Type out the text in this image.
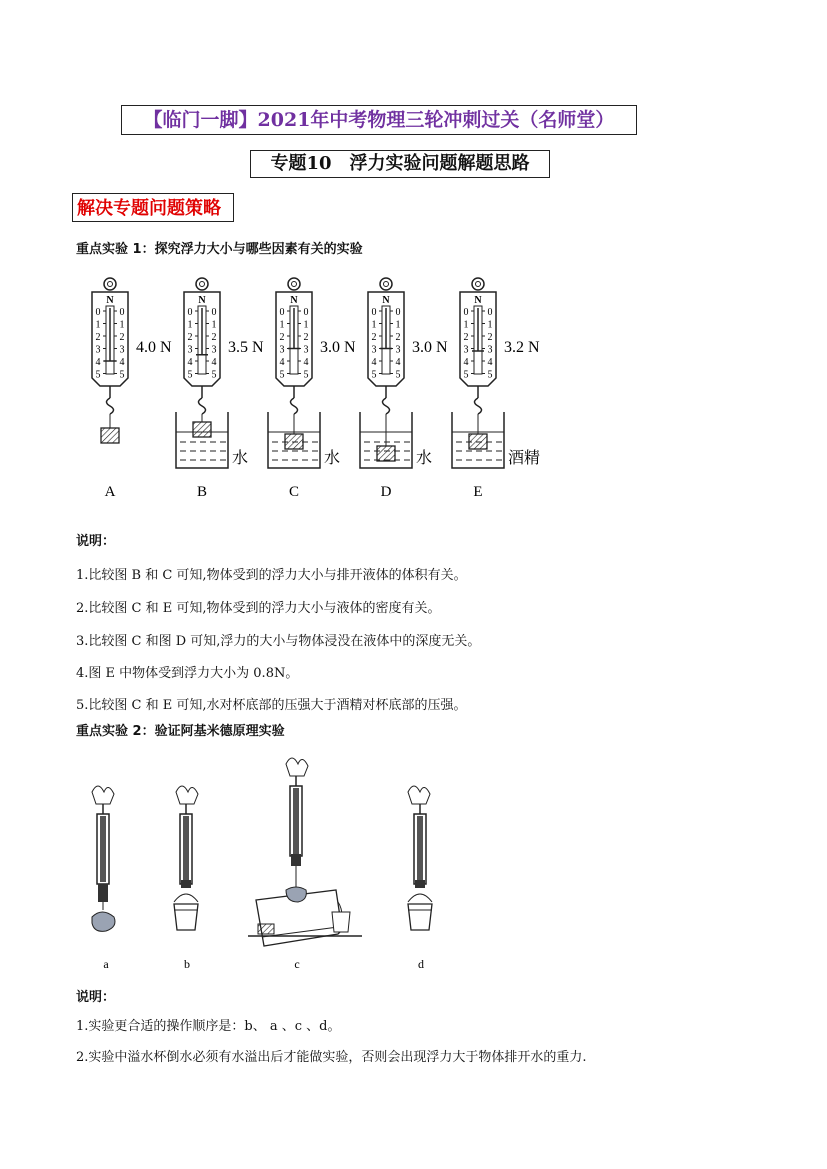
【临门一脚】2021年中考物理三轮冲刺过关（名师堂）
专题10　浮力实验问题解题思路
解决专题问题策略
重点实验 1：探究浮力大小与哪些因素有关的实验
N
0 0
1 1
2 2
3 3
4 4
5 5
4.0 N
A
N
0 0
1 1
2 2
3 3
4 4
5 5
3.5 N
水
B
N
0 0
1 1
2 2
3 3
4 4
5 5
3.0 N
水
C
N
0 0
1 1
2 2
3 3
4 4
5 5
3.0 N
水
D
N
0 0
1 1
2 2
3 3
4 4
5 5
3.2 N
酒精
E
说明：
1.比较图 B 和 C 可知,物体受到的浮力大小与排开液体的体积有关。
2.比较图 C 和 E 可知,物体受到的浮力大小与液体的密度有关。
3.比较图 C 和图 D 可知,浮力的大小与物体浸没在液体中的深度无关。
4.图 E 中物体受到浮力大小为 0.8N。
5.比较图 C 和 E 可知,水对杯底部的压强大于酒精对杯底部的压强。
重点实验 2：验证阿基米德原理实验
a	b	c	d
说明：
1.实验更合适的操作顺序是：b、 a 、c 、d。
2.实验中溢水杯倒水必须有水溢出后才能做实验，否则会出现浮力大于物体排开水的重力.
